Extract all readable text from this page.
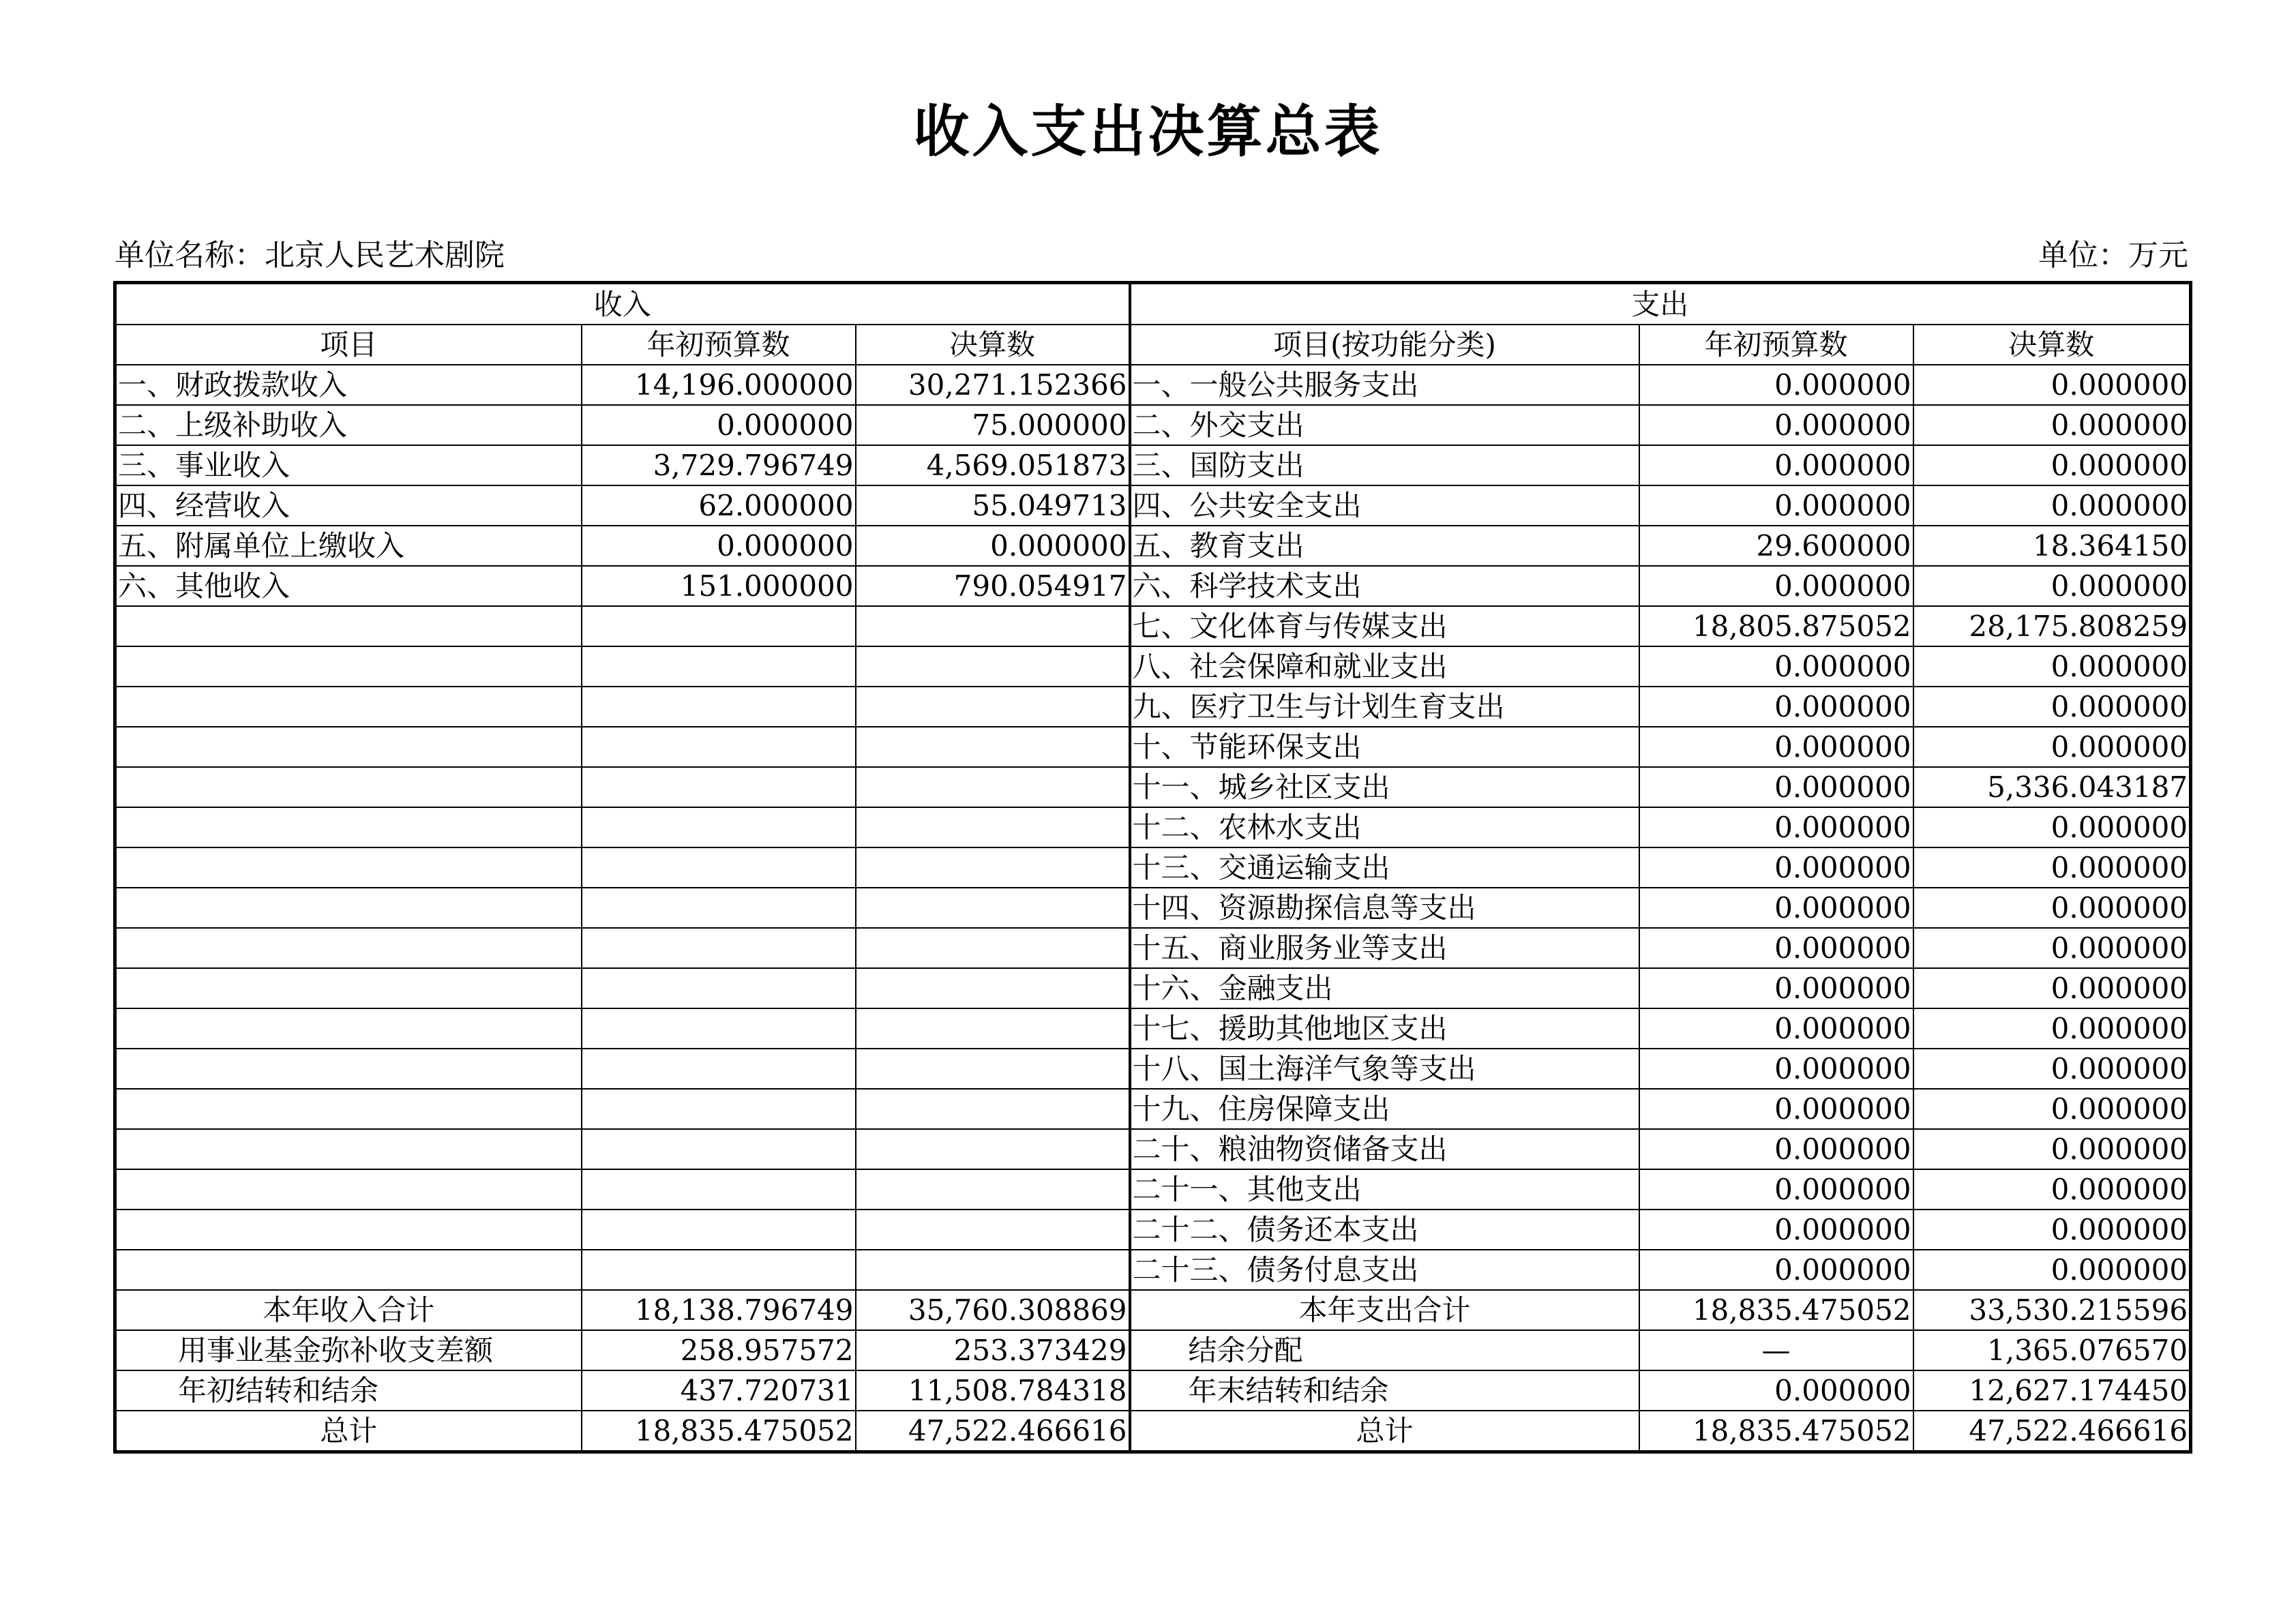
收入支出决算总表
单位名称：北京人民艺术剧院	单位：万元
收入			支出		
项目	年初预算数	决算数	项目(按功能分类)	年初预算数	决算数
一、财政拨款收入	14,196.000000	30,271.152366	一、一般公共服务支出	0.000000	0.000000
二、上级补助收入	0.000000	75.000000	二、外交支出	0.000000	0.000000
三、事业收入	3,729.796749	4,569.051873	三、国防支出	0.000000	0.000000
四、经营收入	62.000000	55.049713	四、公共安全支出	0.000000	0.000000
五、附属单位上缴收入	0.000000	0.000000	五、教育支出	29.600000	18.364150
六、其他收入	151.000000	790.054917	六、科学技术支出	0.000000	0.000000
			七、文化体育与传媒支出	18,805.875052	28,175.808259
			八、社会保障和就业支出	0.000000	0.000000
			九、医疗卫生与计划生育支出	0.000000	0.000000
			十、节能环保支出	0.000000	0.000000
			十一、城乡社区支出	0.000000	5,336.043187
			十二、农林水支出	0.000000	0.000000
			十三、交通运输支出	0.000000	0.000000
			十四、资源勘探信息等支出	0.000000	0.000000
			十五、商业服务业等支出	0.000000	0.000000
			十六、金融支出	0.000000	0.000000
			十七、援助其他地区支出	0.000000	0.000000
			十八、国土海洋气象等支出	0.000000	0.000000
			十九、住房保障支出	0.000000	0.000000
			二十、粮油物资储备支出	0.000000	0.000000
			二十一、其他支出	0.000000	0.000000
			二十二、债务还本支出	0.000000	0.000000
			二十三、债务付息支出	0.000000	0.000000
本年收入合计	18,138.796749	35,760.308869	本年支出合计	18,835.475052	33,530.215596
用事业基金弥补收支差额	258.957572	253.373429	结余分配	—	1,365.076570
年初结转和结余	437.720731	11,508.784318	年末结转和结余	0.000000	12,627.174450
总计	18,835.475052	47,522.466616	总计	18,835.475052	47,522.466616
